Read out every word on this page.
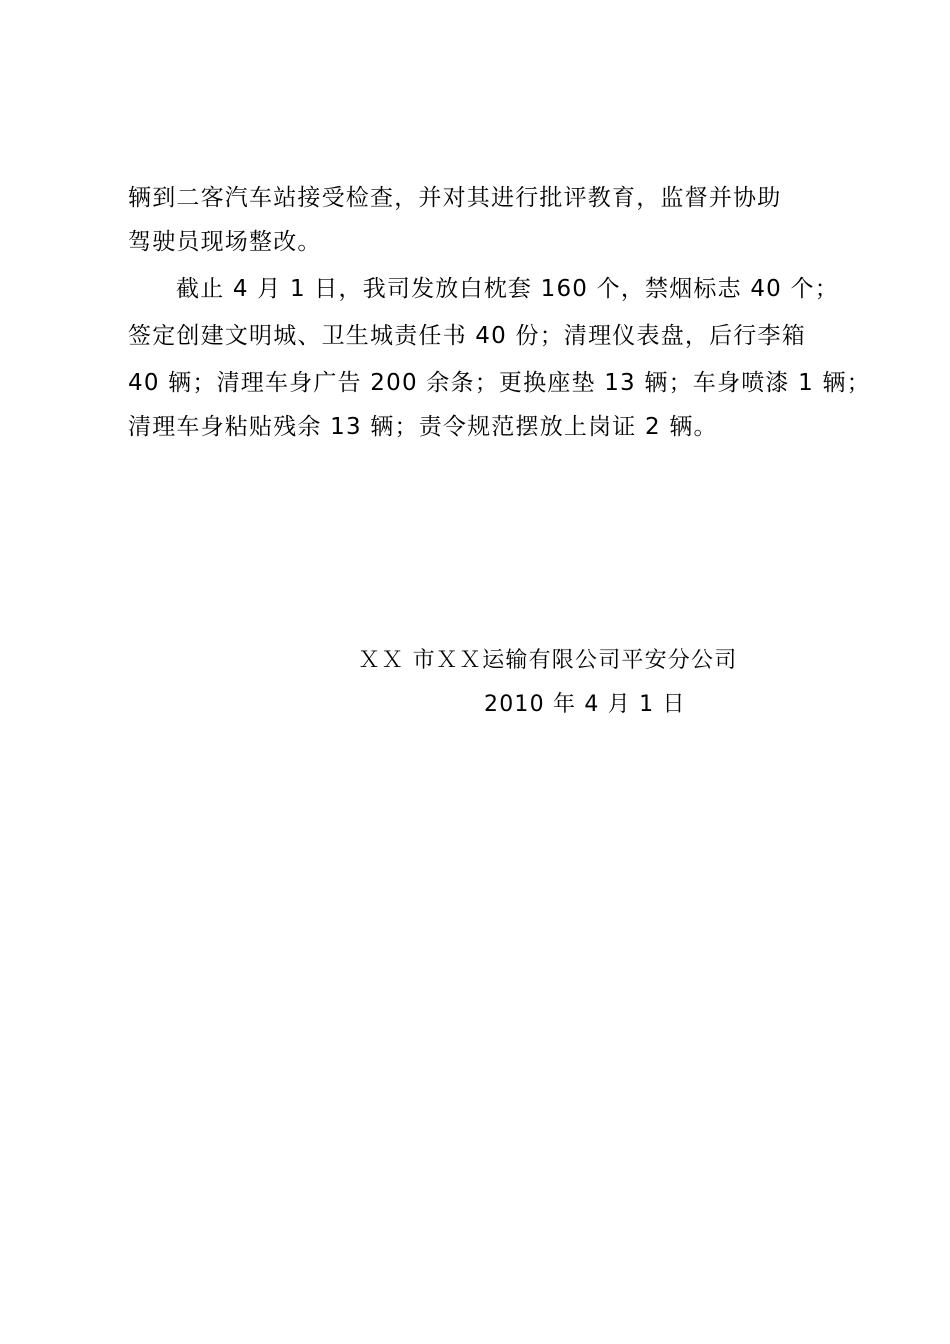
辆到二客汽车站接受检查，并对其进行批评教育，监督并协助
驾驶员现场整改。
截止 4 月 1 日，我司发放白枕套 160 个，禁烟标志 40 个；
签定创建文明城、卫生城责任书 40 份；清理仪表盘，后行李箱
40 辆；清理车身广告 200 余条；更换座垫 13 辆；车身喷漆 1 辆；
清理车身粘贴残余 13 辆；责令规范摆放上岗证 2 辆。
ＸＸ 市ＸＸ运输有限公司平安分公司
2010 年 4 月 1 日
